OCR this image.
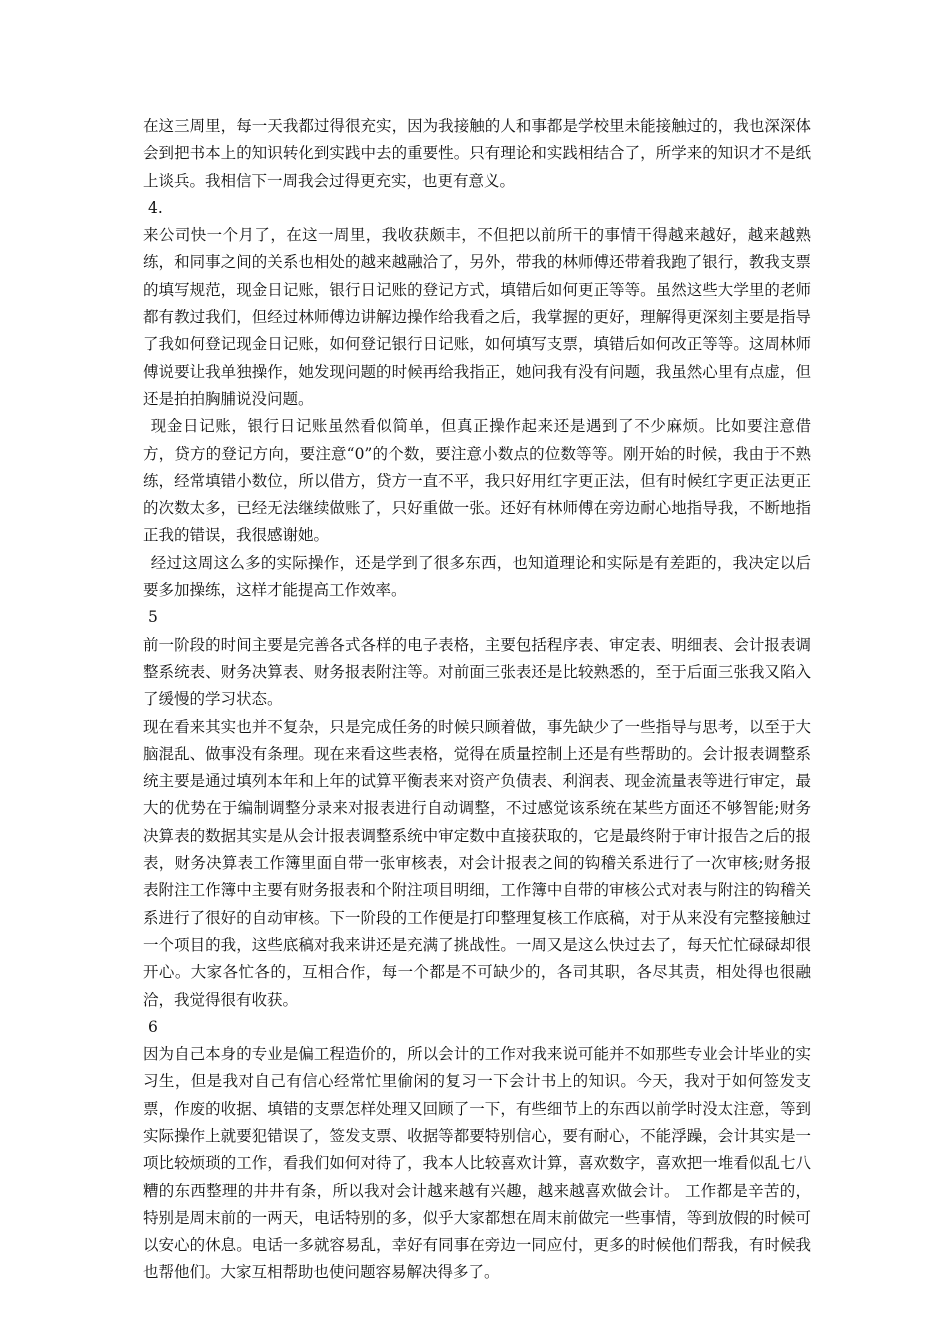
在这三周里，每一天我都过得很充实，因为我接触的人和事都是学校里未能接触过的，我也深深体会到把书本上的知识转化到实践中去的重要性。只有理论和实践相结合了，所学来的知识才不是纸上谈兵。我相信下一周我会过得更充实，也更有意义。

4.

来公司快一个月了，在这一周里，我收获颇丰，不但把以前所干的事情干得越来越好，越来越熟练，和同事之间的关系也相处的越来越融洽了，另外，带我的林师傅还带着我跑了银行，教我支票的填写规范，现金日记账，银行日记账的登记方式，填错后如何更正等等。虽然这些大学里的老师都有教过我们，但经过林师傅边讲解边操作给我看之后，我掌握的更好，理解得更深刻主要是指导了我如何登记现金日记账，如何登记银行日记账，如何填写支票，填错后如何改正等等。这周林师傅说要让我单独操作，她发现问题的时候再给我指正，她问我有没有问题，我虽然心里有点虚，但还是拍拍胸脯说没问题。

现金日记账，银行日记账虽然看似简单，但真正操作起来还是遇到了不少麻烦。比如要注意借方，贷方的登记方向，要注意“0”的个数，要注意小数点的位数等等。刚开始的时候，我由于不熟练，经常填错小数位，所以借方，贷方一直不平，我只好用红字更正法，但有时候红字更正法更正的次数太多，已经无法继续做账了，只好重做一张。还好有林师傅在旁边耐心地指导我，不断地指正我的错误，我很感谢她。

经过这周这么多的实际操作，还是学到了很多东西，也知道理论和实际是有差距的，我决定以后要多加操练，这样才能提高工作效率。

5

前一阶段的时间主要是完善各式各样的电子表格，主要包括程序表、审定表、明细表、会计报表调整系统表、财务决算表、财务报表附注等。对前面三张表还是比较熟悉的，至于后面三张我又陷入了缓慢的学习状态。

现在看来其实也并不复杂，只是完成任务的时候只顾着做，事先缺少了一些指导与思考，以至于大脑混乱、做事没有条理。现在来看这些表格，觉得在质量控制上还是有些帮助的。会计报表调整系统主要是通过填列本年和上年的试算平衡表来对资产负债表、利润表、现金流量表等进行审定，最大的优势在于编制调整分录来对报表进行自动调整，不过感觉该系统在某些方面还不够智能;财务决算表的数据其实是从会计报表调整系统中审定数中直接获取的，它是最终附于审计报告之后的报表，财务决算表工作簿里面自带一张审核表，对会计报表之间的钩稽关系进行了一次审核;财务报表附注工作簿中主要有财务报表和个附注项目明细，工作簿中自带的审核公式对表与附注的钩稽关系进行了很好的自动审核。下一阶段的工作便是打印整理复核工作底稿，对于从来没有完整接触过一个项目的我，这些底稿对我来讲还是充满了挑战性。一周又是这么快过去了，每天忙忙碌碌却很开心。大家各忙各的，互相合作，每一个都是不可缺少的，各司其职，各尽其责，相处得也很融洽，我觉得很有收获。

6

因为自己本身的专业是偏工程造价的，所以会计的工作对我来说可能并不如那些专业会计毕业的实习生，但是我对自己有信心经常忙里偷闲的复习一下会计书上的知识。今天，我对于如何签发支票，作废的收据、填错的支票怎样处理又回顾了一下，有些细节上的东西以前学时没太注意，等到实际操作上就要犯错误了，签发支票、收据等都要特别信心，要有耐心，不能浮躁，会计其实是一项比较烦琐的工作，看我们如何对待了，我本人比较喜欢计算，喜欢数字，喜欢把一堆看似乱七八糟的东西整理的井井有条，所以我对会计越来越有兴趣，越来越喜欢做会计。 工作都是辛苦的，特别是周末前的一两天，电话特别的多，似乎大家都想在周末前做完一些事情，等到放假的时候可以安心的休息。电话一多就容易乱，幸好有同事在旁边一同应付，更多的时候他们帮我，有时候我也帮他们。大家互相帮助也使问题容易解决得多了。
